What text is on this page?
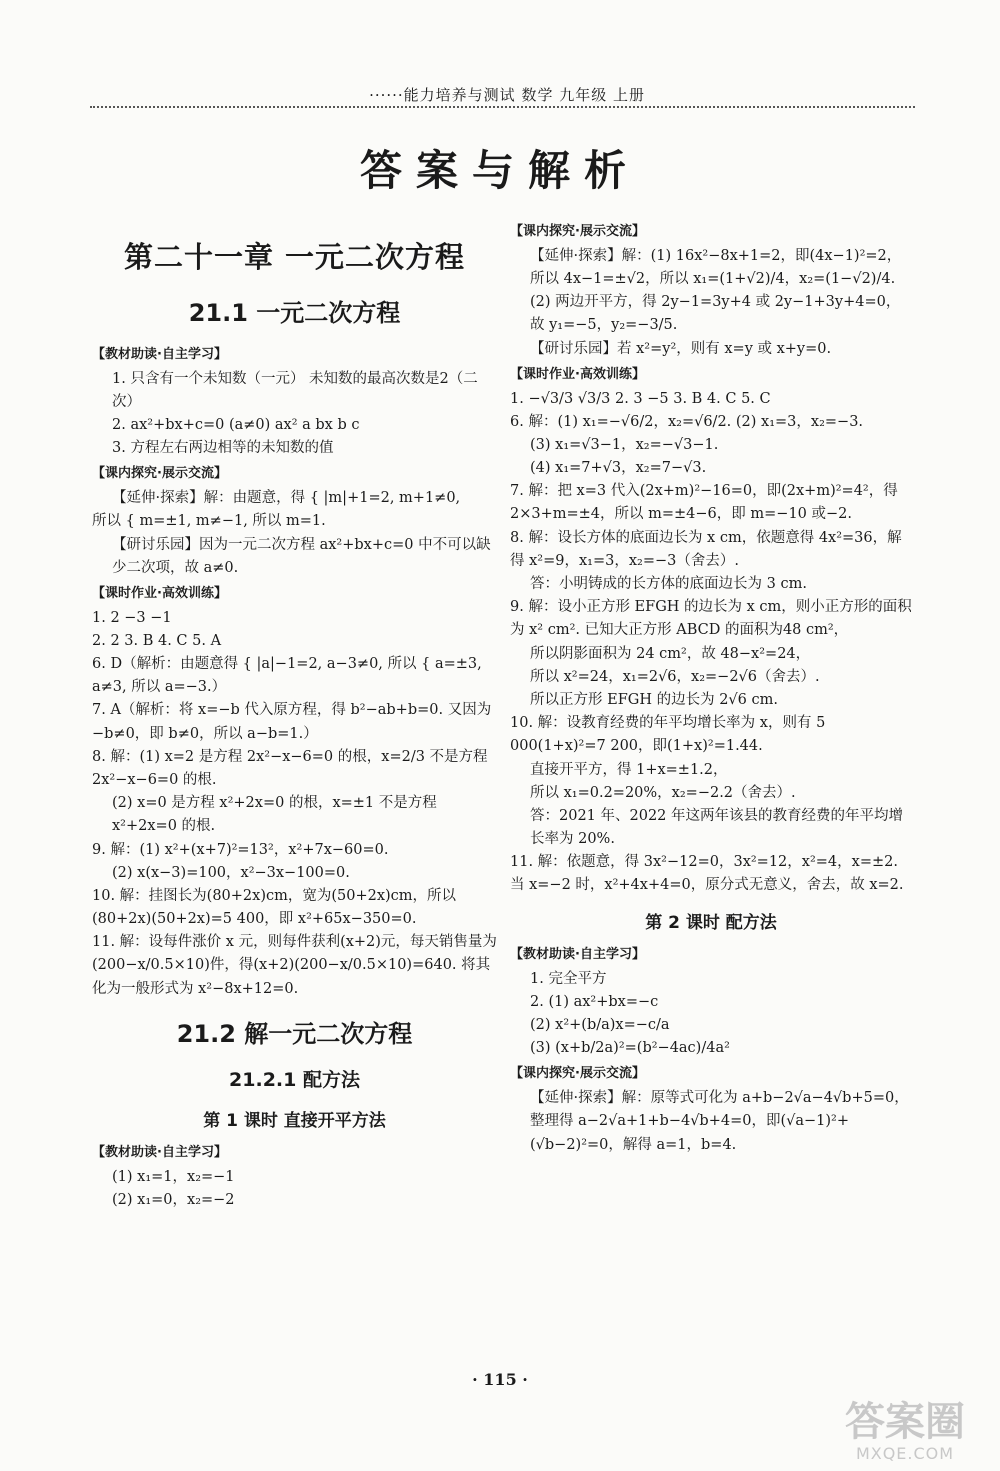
······能力培养与测试 数学 九年级 上册
答案与解析
第二十一章 一元二次方程
21.1 一元二次方程
【教材助读·自主学习】

1. 只含有一个未知数（一元） 未知数的最高次数是2（二次）

2. ax²+bx+c=0 (a≠0) ax² a bx b c

3. 方程左右两边相等的未知数的值

【课内探究·展示交流】

【延伸·探索】解：由题意，得 { |m|+1=2, m+1≠0,

所以 { m=±1, m≠−1, 所以 m=1.

【研讨乐园】因为一元二次方程 ax²+bx+c=0 中不可以缺少二次项，故 a≠0.

【课时作业·高效训练】

1. 2 −3 −1

2. 2 3. B 4. C 5. A

6. D（解析：由题意得 { |a|−1=2, a−3≠0, 所以 { a=±3, a≠3, 所以 a=−3.）

7. A（解析：将 x=−b 代入原方程，得 b²−ab+b=0. 又因为 −b≠0，即 b≠0，所以 a−b=1.）

8. 解：(1) x=2 是方程 2x²−x−6=0 的根，x=2/3 不是方程 2x²−x−6=0 的根.

(2) x=0 是方程 x²+2x=0 的根，x=±1 不是方程 x²+2x=0 的根.

9. 解：(1) x²+(x+7)²=13²，x²+7x−60=0.

(2) x(x−3)=100，x²−3x−100=0.

10. 解：挂图长为(80+2x)cm，宽为(50+2x)cm，所以(80+2x)(50+2x)=5 400，即 x²+65x−350=0.

11. 解：设每件涨价 x 元，则每件获利(x+2)元，每天销售量为(200−x/0.5×10)件，得(x+2)(200−x/0.5×10)=640. 将其化为一般形式为 x²−8x+12=0.

21.2 解一元二次方程
21.2.1 配方法
第 1 课时 直接开平方法
【教材助读·自主学习】

(1) x₁=1，x₂=−1

(2) x₁=0，x₂=−2

【课内探究·展示交流】

【延伸·探索】解：(1) 16x²−8x+1=2，即(4x−1)²=2，所以 4x−1=±√2，所以 x₁=(1+√2)/4，x₂=(1−√2)/4.

(2) 两边开平方，得 2y−1=3y+4 或 2y−1+3y+4=0，故 y₁=−5，y₂=−3/5.

【研讨乐园】若 x²=y²，则有 x=y 或 x+y=0.

【课时作业·高效训练】

1. −√3/3 √3/3 2. 3 −5 3. B 4. C 5. C

6. 解：(1) x₁=−√6/2，x₂=√6/2. (2) x₁=3，x₂=−3.

(3) x₁=√3−1，x₂=−√3−1.

(4) x₁=7+√3，x₂=7−√3.

7. 解：把 x=3 代入(2x+m)²−16=0，即(2x+m)²=4²，得 2×3+m=±4，所以 m=±4−6，即 m=−10 或−2.

8. 解：设长方体的底面边长为 x cm，依题意得 4x²=36，解得 x²=9，x₁=3，x₂=−3（舍去）.

答：小明铸成的长方体的底面边长为 3 cm.

9. 解：设小正方形 EFGH 的边长为 x cm，则小正方形的面积为 x² cm². 已知大正方形 ABCD 的面积为48 cm²，

所以阴影面积为 24 cm²，故 48−x²=24，

所以 x²=24，x₁=2√6，x₂=−2√6（舍去）.

所以正方形 EFGH 的边长为 2√6 cm.

10. 解：设教育经费的年平均增长率为 x，则有 5 000(1+x)²=7 200，即(1+x)²=1.44.

直接开平方，得 1+x=±1.2，

所以 x₁=0.2=20%，x₂=−2.2（舍去）.

答：2021 年、2022 年这两年该县的教育经费的年平均增长率为 20%.

11. 解：依题意，得 3x²−12=0，3x²=12，x²=4，x=±2. 当 x=−2 时，x²+4x+4=0，原分式无意义，舍去，故 x=2.

第 2 课时 配方法
【教材助读·自主学习】

1. 完全平方

2. (1) ax²+bx=−c

(2) x²+(b/a)x=−c/a

(3) (x+b/2a)²=(b²−4ac)/4a²

【课内探究·展示交流】

【延伸·探索】解：原等式可化为 a+b−2√a−4√b+5=0，整理得 a−2√a+1+b−4√b+4=0，即(√a−1)²+(√b−2)²=0，解得 a=1，b=4.

· 115 ·
答案圈
MXQE.COM
